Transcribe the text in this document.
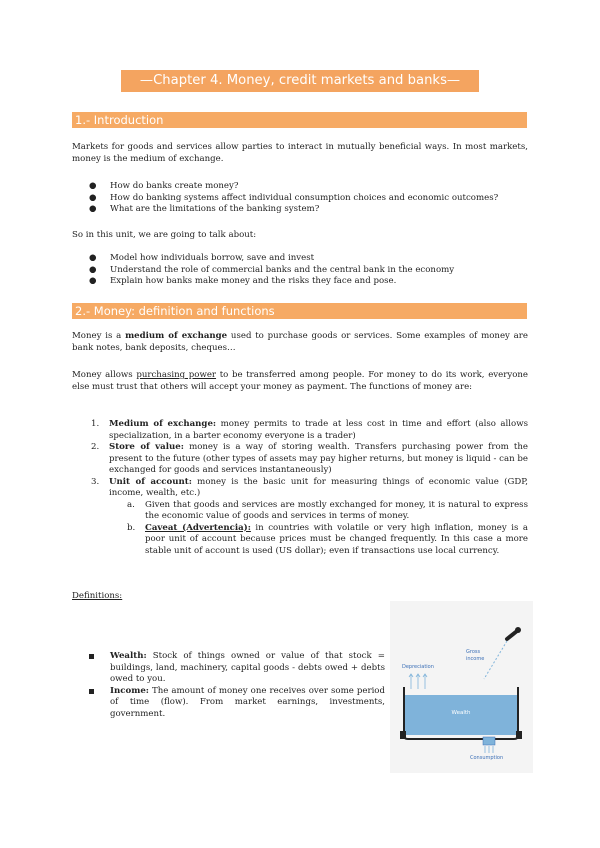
—Chapter 4. Money, credit markets and banks—
1.- Introduction

Markets for goods and services allow parties to interact in mutually beneficial ways. In most markets, money is the medium of exchange.

● How do banks create money?
● How do banking systems affect individual consumption choices and economic outcomes?
● What are the limitations of the banking system?

So in this unit, we are going to talk about:

● Model how individuals borrow, save and invest
● Understand the role of commercial banks and the central bank in the economy
● Explain how banks make money and the risks they face and pose.
2.- Money: definition and functions

Money is a medium of exchange used to purchase goods or services. Some examples of money are bank notes, bank deposits, cheques…

Money allows purchasing power to be transferred among people. For money to do its work, everyone else must trust that others will accept your money as payment. The functions of money are:

1. Medium of exchange: money permits to trade at less cost in time and effort (also allows specialization, in a barter economy everyone is a trader)
2. Store of value: money is a way of storing wealth. Transfers purchasing power from the present to the future (other types of assets may pay higher returns, but money is liquid - can be exchanged for goods and services instantaneously)
3. Unit of account: money is the basic unit for measuring things of economic value (GDP, income, wealth, etc.)
a. Given that goods and services are mostly exchanged for money, it is natural to express the economic value of goods and services in terms of money.
b. Caveat (Advertencia): in countries with volatile or very high inflation, money is a poor unit of account because prices must be changed frequently. In this case a more stable unit of account is used (US dollar); even if transactions use local currency.
Definitions:
Wealth: Stock of things owned or value of that stock = buildings, land, machinery, capital goods - debts owed + debts owed to you.
Income: The amount of money one receives over some period of time (flow). From market earnings, investments, government.
Gross
income
Depreciation
Wealth
Consumption
